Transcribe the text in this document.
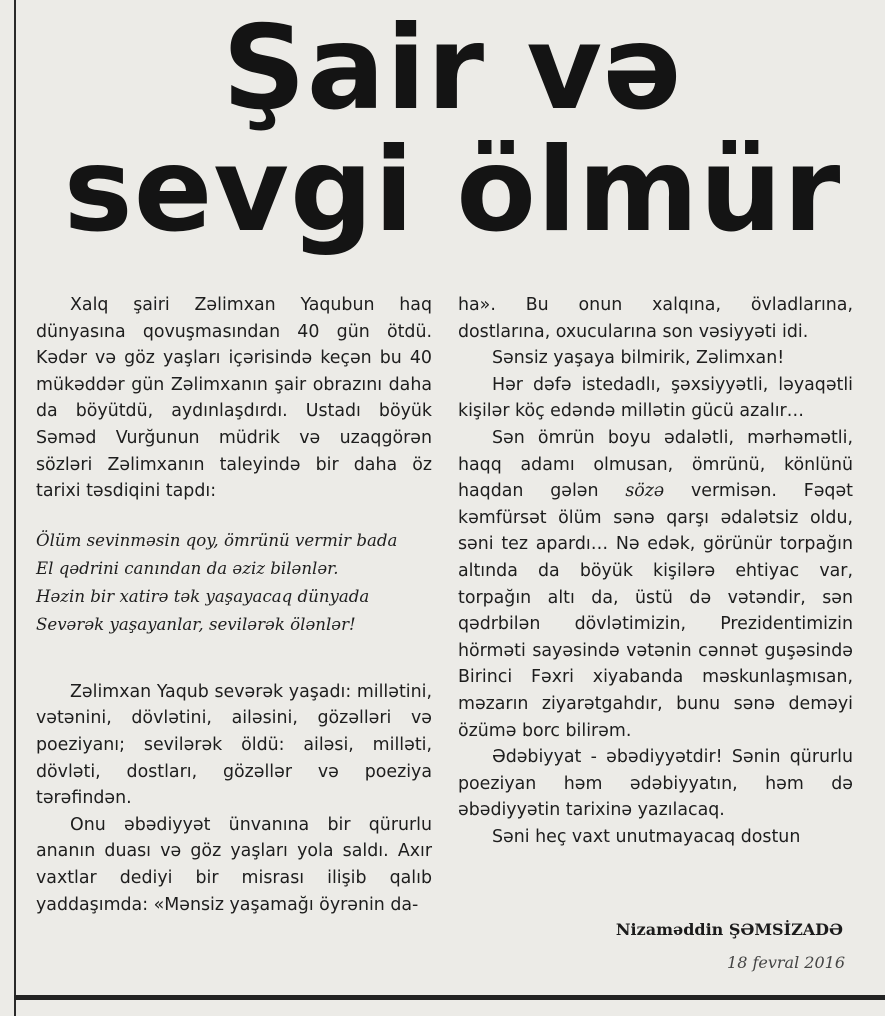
Şair və
sevgi ölmür

Xalq şairi Zəlimxan Yaqubun haq dünyasına qovuşmasından 40 gün ötdü. Kədər və göz yaşları içərisində keçən bu 40 mükəddər gün Zəlimxanın şair obrazını daha da böyütdü, aydınlaşdırdı. Ustadı böyük Səməd Vurğunun müdrik və uzaqgörən sözləri Zəlimxanın taleyində bir daha öz tarixi təsdiqini tapdı:

Ölüm sevinməsin qoy, ömrünü vermir bada
El qədrini canından da əziz bilənlər.
Həzin bir xatirə tək yaşayacaq dünyada
Sevərək yaşayanlar, sevilərək ölənlər!

Zəlimxan Yaqub sevərək yaşadı: millətini, vətənini, dövlətini, ailəsini, gözəlləri və poeziyanı; sevilərək öldü: ailəsi, milləti, dövləti, dostları, gözəllər və poeziya tərəfindən.

Onu əbədiyyət ünvanına bir qürurlu ananın duası və göz yaşları yola saldı. Axır vaxtlar dediyi bir misrası ilişib qalıb yaddaşımda: «Mənsiz yaşamağı öyrənin da-

ha». Bu onun xalqına, övladlarına, dostlarına, oxucularına son vəsiyyəti idi.

Sənsiz yaşaya bilmirik, Zəlimxan!

Hər dəfə istedadlı, şəxsiyyətli, ləyaqətli kişilər köç edəndə millətin gücü azalır…

Sən ömrün boyu ədalətli, mərhəmətli, haqq adamı olmusan, ömrünü, könlünü haqdan gələn sözə vermisən. Fəqət kəmfürsət ölüm sənə qarşı ədalətsiz oldu, səni tez apardı… Nə edək, görünür torpağın altında da böyük kişilərə ehtiyac var, torpağın altı da, üstü də vətəndir, sən qədrbilən dövlətimizin, Prezidentimizin hörməti sayəsində vətənin cənnət guşəsində Birinci Fəxri xiyabanda məskunlaşmısan, məzarın ziyarətgahdır, bunu sənə deməyi özümə borc bilirəm.

Ədəbiyyat - əbədiyyətdir! Sənin qürurlu poeziyan həm ədəbiyyatın, həm də əbədiyyətin tarixinə yazılacaq.

Səni heç vaxt unutmayacaq dostun

Nizaməddin ŞƏMSİZADƏ
18 fevral 2016
